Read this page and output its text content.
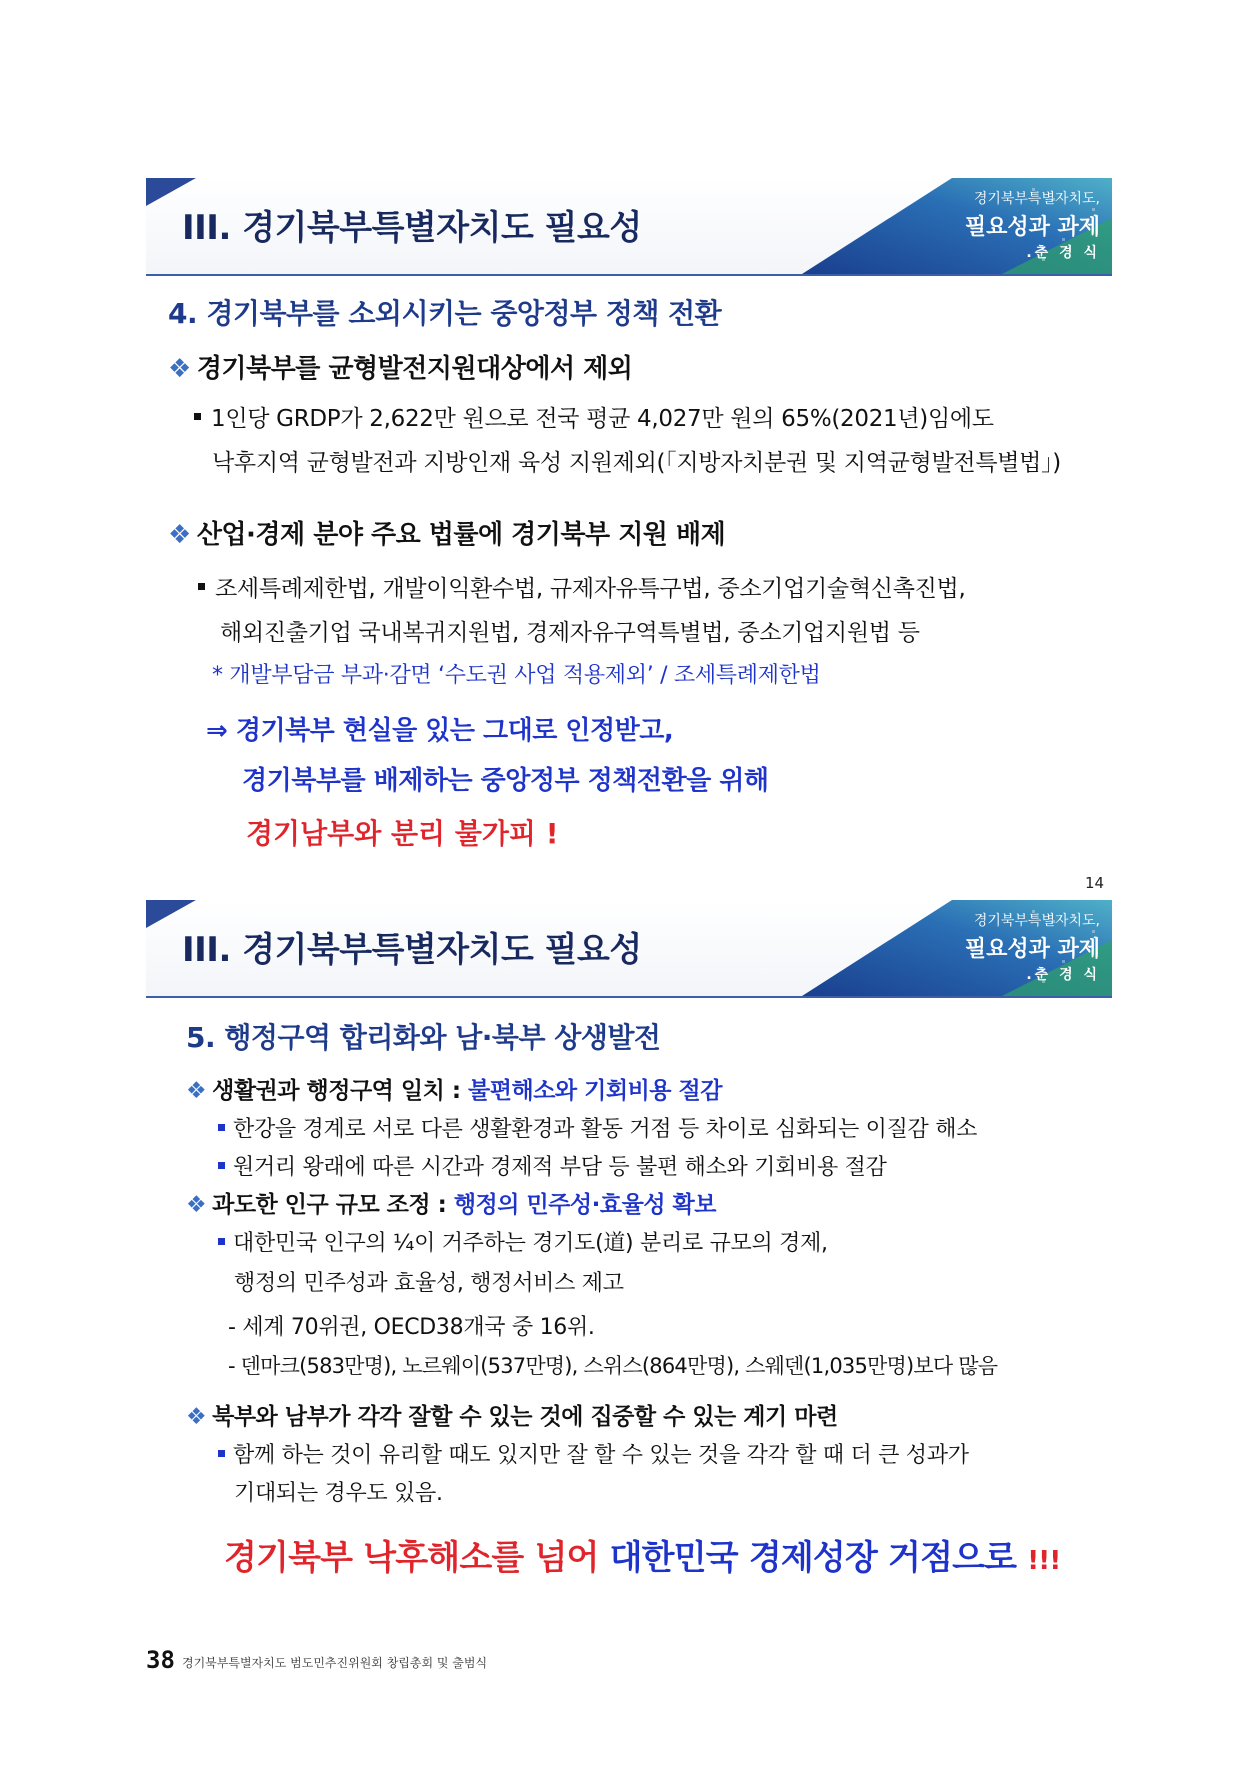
III. 경기북부특별자치도 필요성
경기북부특별자치도,
필요성과 과제
.춘 경 식
4. 경기북부를 소외시키는 중앙정부 정책 전환
❖ 경기북부를 균형발전지원대상에서 제외
1인당 GRDP가 2,622만 원으로 전국 평균 4,027만 원의 65%(2021년)임에도
낙후지역 균형발전과 지방인재 육성 지원제외(「지방자치분권 및 지역균형발전특별법」)
❖ 산업·경제 분야 주요 법률에 경기북부 지원 배제
조세특례제한법, 개발이익환수법, 규제자유특구법, 중소기업기술혁신촉진법,
해외진출기업 국내복귀지원법, 경제자유구역특별법, 중소기업지원법 등
* 개발부담금 부과·감면 ‘수도권 사업 적용제외’ / 조세특례제한법
⇒ 경기북부 현실을 있는 그대로 인정받고,
경기북부를 배제하는 중앙정부 정책전환을 위해
경기남부와 분리 불가피 !
14
III. 경기북부특별자치도 필요성
경기북부특별자치도,
필요성과 과제
.춘 경 식
5. 행정구역 합리화와 남·북부 상생발전
❖ 생활권과 행정구역 일치 : 불편해소와 기회비용 절감
한강을 경계로 서로 다른 생활환경과 활동 거점 등 차이로 심화되는 이질감 해소
원거리 왕래에 따른 시간과 경제적 부담 등 불편 해소와 기회비용 절감
❖ 과도한 인구 규모 조정 : 행정의 민주성·효율성 확보
대한민국 인구의 ¼이 거주하는 경기도(道) 분리로 규모의 경제,
행정의 민주성과 효율성, 행정서비스 제고
- 세계 70위권, OECD38개국 중 16위.
- 덴마크(583만명), 노르웨이(537만명), 스위스(864만명), 스웨덴(1,035만명)보다 많음
❖ 북부와 남부가 각각 잘할 수 있는 것에 집중할 수 있는 계기 마련
함께 하는 것이 유리할 때도 있지만 잘 할 수 있는 것을 각각 할 때 더 큰 성과가
기대되는 경우도 있음.
경기북부 낙후해소를 넘어 대한민국 경제성장 거점으로 !!!
38 경기북부특별자치도 범도민추진위원회 창립총회 및 출범식
